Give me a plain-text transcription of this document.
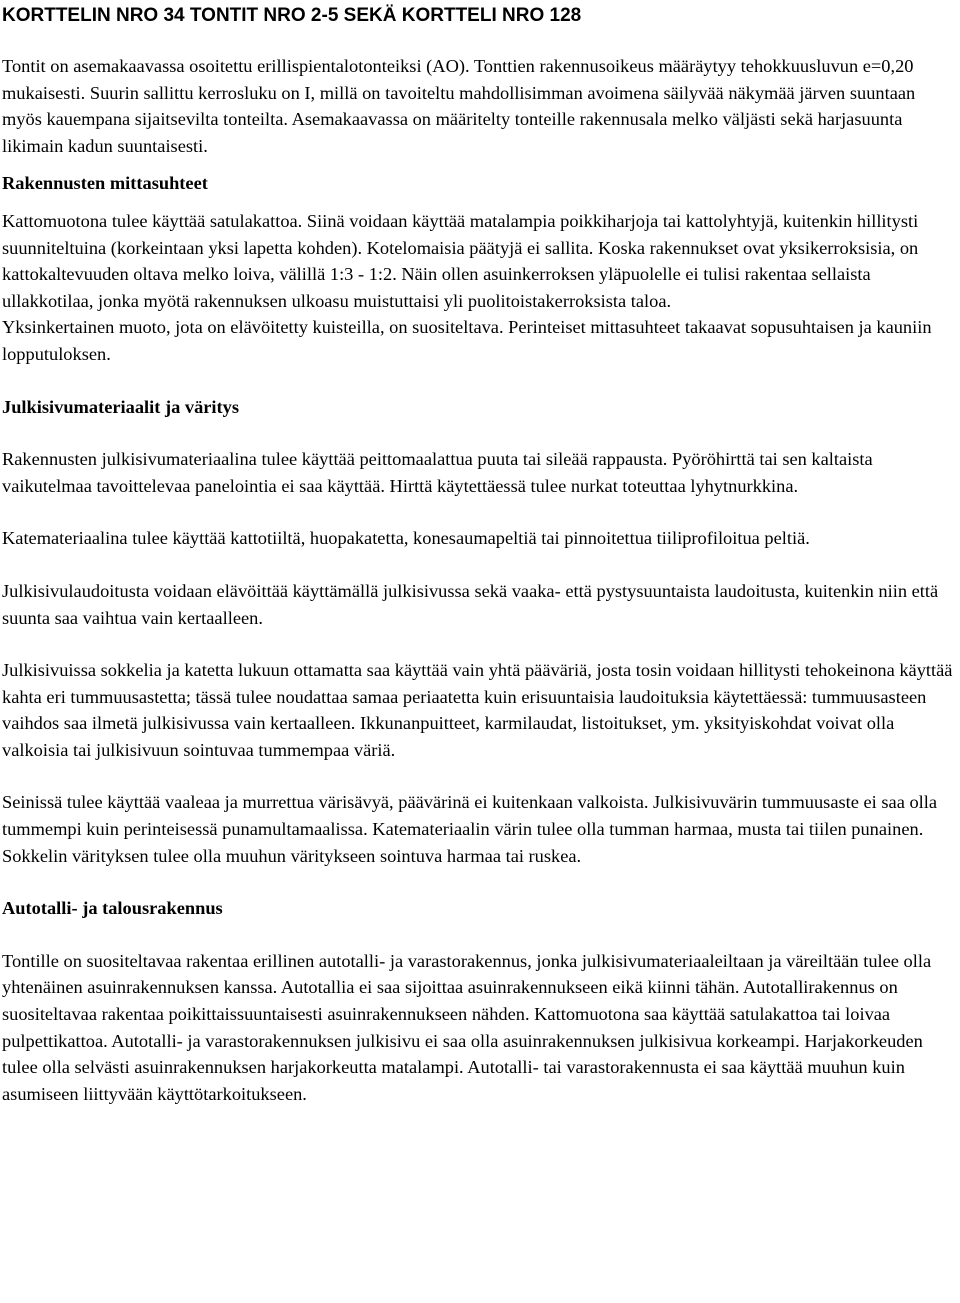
KORTTELIN NRO 34 TONTIT NRO 2-5 SEKÄ KORTTELI NRO 128

Tontit on asemakaavassa osoitettu erillispientalotonteiksi (AO). Tonttien rakennusoikeus määräytyy tehokkuusluvun e=0,20 mukaisesti. Suurin sallittu kerrosluku on I, millä on tavoiteltu mahdollisimman avoimena säilyvää näkymää järven suuntaan myös kauempana sijaitsevilta tonteilta. Asemakaavassa on määritelty tonteille rakennusala melko väljästi sekä harjasuunta likimain kadun suuntaisesti.

Rakennusten mittasuhteet

Kattomuotona tulee käyttää satulakattoa. Siinä voidaan käyttää matalampia poikkiharjoja tai kattolyhtyjä, kuitenkin hillitysti suunniteltuina (korkeintaan yksi lapetta kohden). Kotelomaisia päätyjä ei sallita. Koska rakennukset ovat yksikerroksisia, on kattokaltevuuden oltava melko loiva, välillä 1:3 - 1:2. Näin ollen asuinkerroksen yläpuolelle ei tulisi rakentaa sellaista ullakkotilaa, jonka myötä rakennuksen ulkoasu muistuttaisi yli puolitoistakerroksista taloa.

Yksinkertainen muoto, jota on elävöitetty kuisteilla, on suositeltava. Perinteiset mittasuhteet takaavat sopusuhtaisen ja kauniin lopputuloksen.

Julkisivumateriaalit ja väritys

Rakennusten julkisivumateriaalina tulee käyttää peittomaalattua puuta tai sileää rappausta. Pyöröhirttä tai sen kaltaista vaikutelmaa tavoittelevaa panelointia ei saa käyttää. Hirttä käytettäessä tulee nurkat toteuttaa lyhytnurkkina.

Katemateriaalina tulee käyttää kattotiiltä, huopakatetta, konesaumapeltiä tai pinnoitettua tiiliprofiloitua peltiä.

Julkisivulaudoitusta voidaan elävöittää käyttämällä julkisivussa sekä vaaka- että pystysuuntaista laudoitusta, kuitenkin niin että suunta saa vaihtua vain kertaalleen.

Julkisivuissa sokkelia ja katetta lukuun ottamatta saa käyttää vain yhtä pääväriä, josta tosin voidaan hillitysti tehokeinona käyttää kahta eri tummuusastetta; tässä tulee noudattaa samaa periaatetta kuin erisuuntaisia laudoituksia käytettäessä: tummuusasteen vaihdos saa ilmetä julkisivussa vain kertaalleen. Ikkunanpuitteet, karmilaudat, listoitukset, ym. yksityiskohdat voivat olla valkoisia tai julkisivuun sointuvaa tummempaa väriä.

Seinissä tulee käyttää vaaleaa ja murrettua värisävyä, päävärinä ei kuitenkaan valkoista. Julkisivuvärin tummuusaste ei saa olla tummempi kuin perinteisessä punamultamaalissa. Katemateriaalin värin tulee olla tumman harmaa, musta tai tiilen punainen. Sokkelin värityksen tulee olla muuhun väritykseen sointuva harmaa tai ruskea.

Autotalli- ja talousrakennus

Tontille on suositeltavaa rakentaa erillinen autotalli- ja varastorakennus, jonka julkisivumateriaaleiltaan ja väreiltään tulee olla yhtenäinen asuinrakennuksen kanssa. Autotallia ei saa sijoittaa asuinrakennukseen eikä kiinni tähän. Autotallirakennus on suositeltavaa rakentaa poikittaissuuntaisesti asuinrakennukseen nähden. Kattomuotona saa käyttää satulakattoa tai loivaa pulpettikattoa. Autotalli- ja varastorakennuksen julkisivu ei saa olla asuinrakennuksen julkisivua korkeampi. Harjakorkeuden tulee olla selvästi asuinrakennuksen harjakorkeutta matalampi. Autotalli- tai varastorakennusta ei saa käyttää muuhun kuin asumiseen liittyvään käyttötarkoitukseen.
